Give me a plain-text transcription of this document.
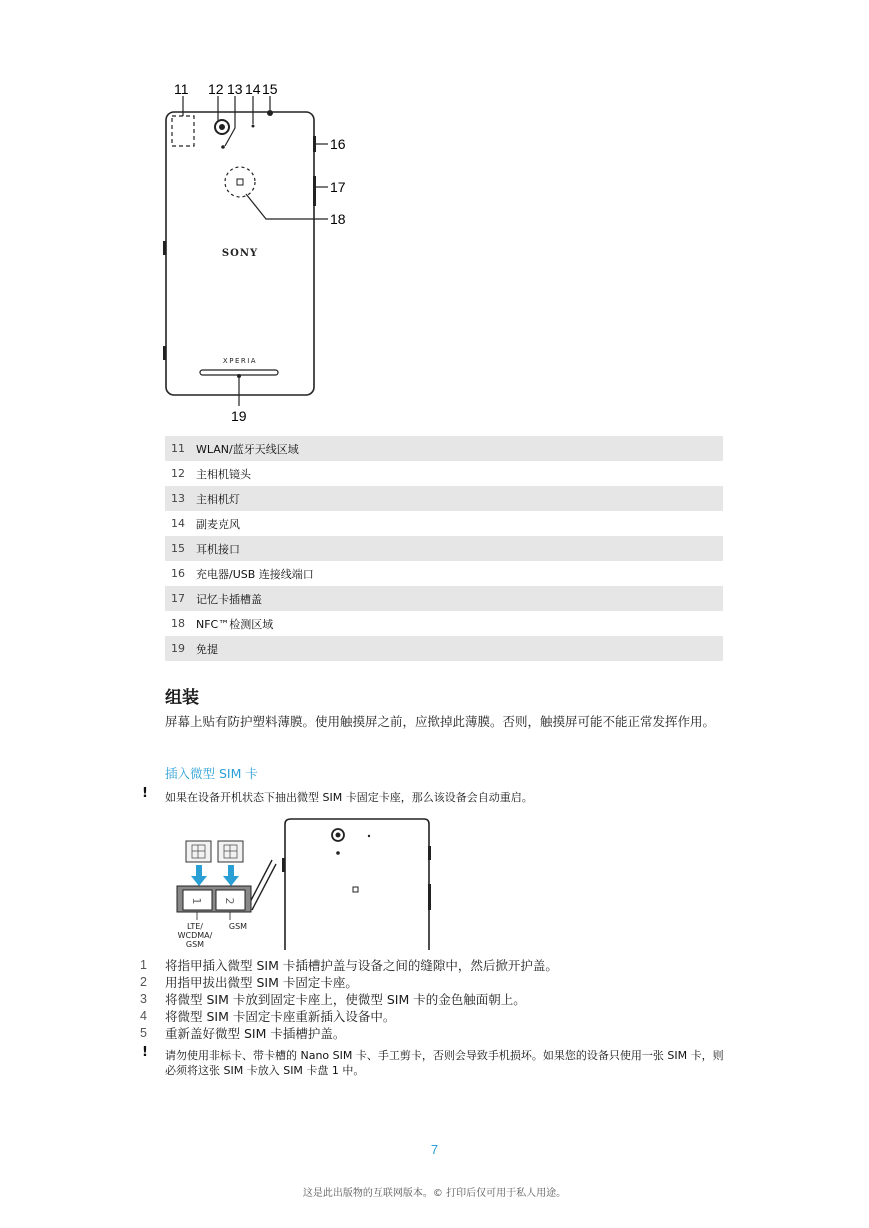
SONY
XPERIA
11 12 13 14 15
16
17
18
19
11	WLAN/蓝牙天线区域
12	主相机镜头
13	主相机灯
14	副麦克风
15	耳机接口
16	充电器/USB 连接线端口
17	记忆卡插槽盖
18	NFC™检测区域
19	免提
组装
屏幕上贴有防护塑料薄膜。使用触摸屏之前，应揿掉此薄膜。否则，触摸屏可能不能正常发挥作用。
插入微型 SIM 卡
! 如果在设备开机状态下抽出微型 SIM 卡固定卡座，那么该设备会自动重启。
1 2
LTE/
WCDMA/
GSM
GSM
1	将指甲插入微型 SIM 卡插槽护盖与设备之间的缝隙中，然后掀开护盖。
2	用指甲拔出微型 SIM 卡固定卡座。
3	将微型 SIM 卡放到固定卡座上，使微型 SIM 卡的金色触面朝上。
4	将微型 SIM 卡固定卡座重新插入设备中。
5	重新盖好微型 SIM 卡插槽护盖。
! 请勿使用非标卡、带卡槽的 Nano SIM 卡、手工剪卡，否则会导致手机损坏。如果您的设备只使用一张 SIM 卡，则必须将这张 SIM 卡放入 SIM 卡盘 1 中。
7
这是此出版物的互联网版本。© 打印后仅可用于私人用途。
